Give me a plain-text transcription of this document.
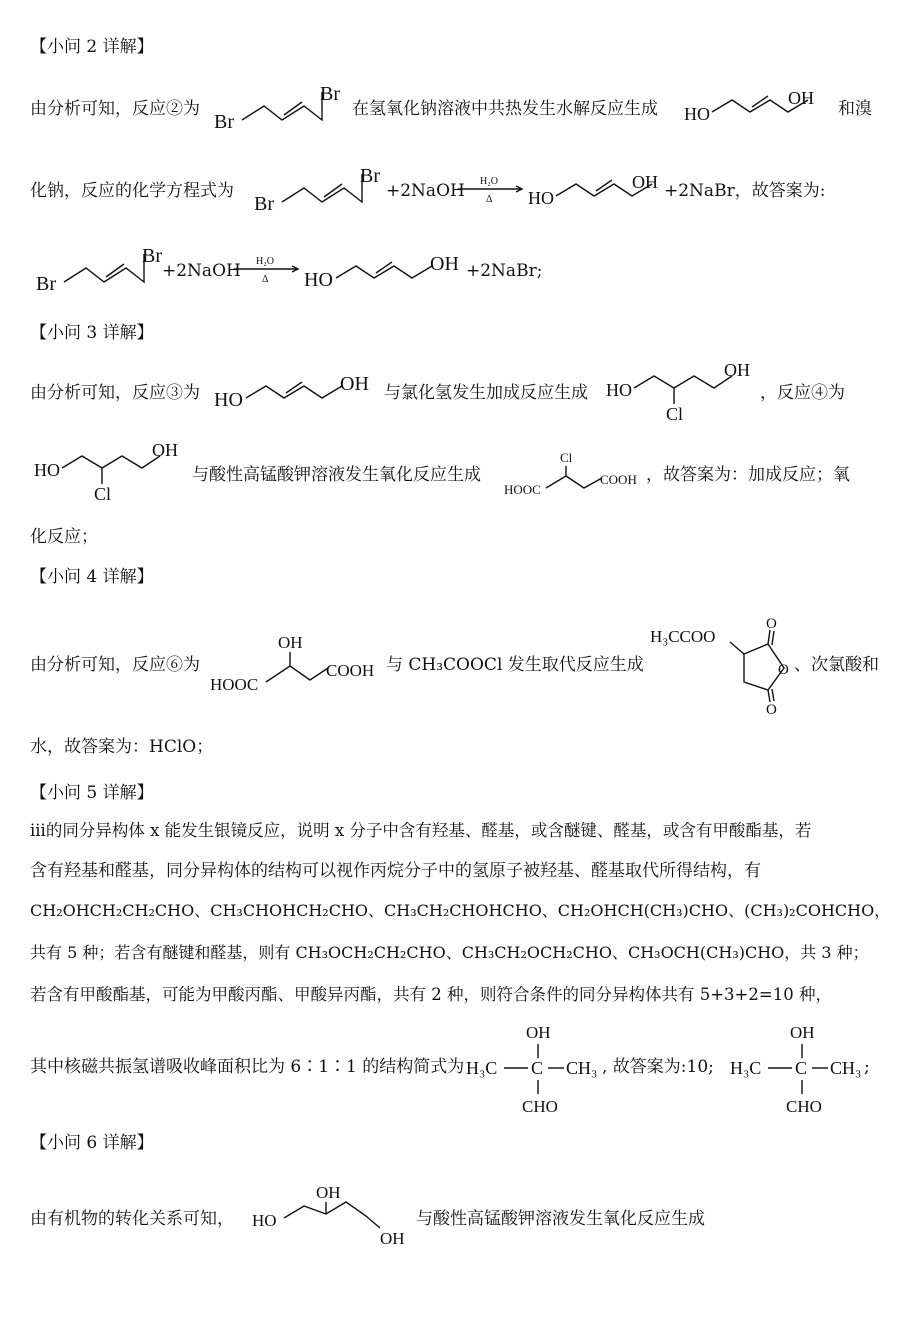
【小问 2 详解】
由分析可知，反应②为
Br
Br
在氢氧化钠溶液中共热发生水解反应生成 HO
OH
和溴
化钠，反应的化学方程式为
Br
Br
+2NaOH H₂O
Δ HO
OH +2NaBr，故答案为:
Br
Br
+2NaOH H₂O
Δ HO
OH +2NaBr;
【小问 3 详解】
由分析可知，反应③为 HO
OH 与氯化氢发生加成反应生成 HO
Cl
OH
，反应④为
HO
Cl
OH
与酸性高锰酸钾溶液发生氧化反应生成
Cl
HOOC
COOH ，故答案为：加成反应；氧
化反应；
【小问 4 详解】
由分析可知，反应⑥为
OH
HOOC
COOH 与 CH₃COOCl 发生取代反应生成
H₃CCOO
O
O
O
、次氯酸和
水，故答案为：HClO；
【小问 5 详解】
iii的同分异构体 x 能发生银镜反应，说明 x 分子中含有羟基、醛基，或含醚键、醛基，或含有甲酸酯基，若
含有羟基和醛基，同分异构体的结构可以视作丙烷分子中的氢原子被羟基、醛基取代所得结构，有
CH₂OHCH₂CH₂CHO、CH₃CHOHCH₂CHO、CH₃CH₂CHOHCHO、CH₂OHCH(CH₃)CHO、(CH₃)₂COHCHO，
共有 5 种；若含有醚键和醛基，则有 CH₃OCH₂CH₂CHO、CH₃CH₂OCH₂CHO、CH₃OCH(CH₃)CHO，共 3 种；
若含有甲酸酯基，可能为甲酸丙酯、甲酸异丙酯，共有 2 种，则符合条件的同分异构体共有 5+3+2=10 种，
其中核磁共振氢谱吸收峰面积比为 6∶1∶1 的结构简式为
OH
H₃C C CH₃
CHO
, 故答案为:10;
OH
H₃C C CH₃
CHO
;
【小问 6 详解】
由有机物的转化关系可知，
OH
HO
OH
与酸性高锰酸钾溶液发生氧化反应生成
